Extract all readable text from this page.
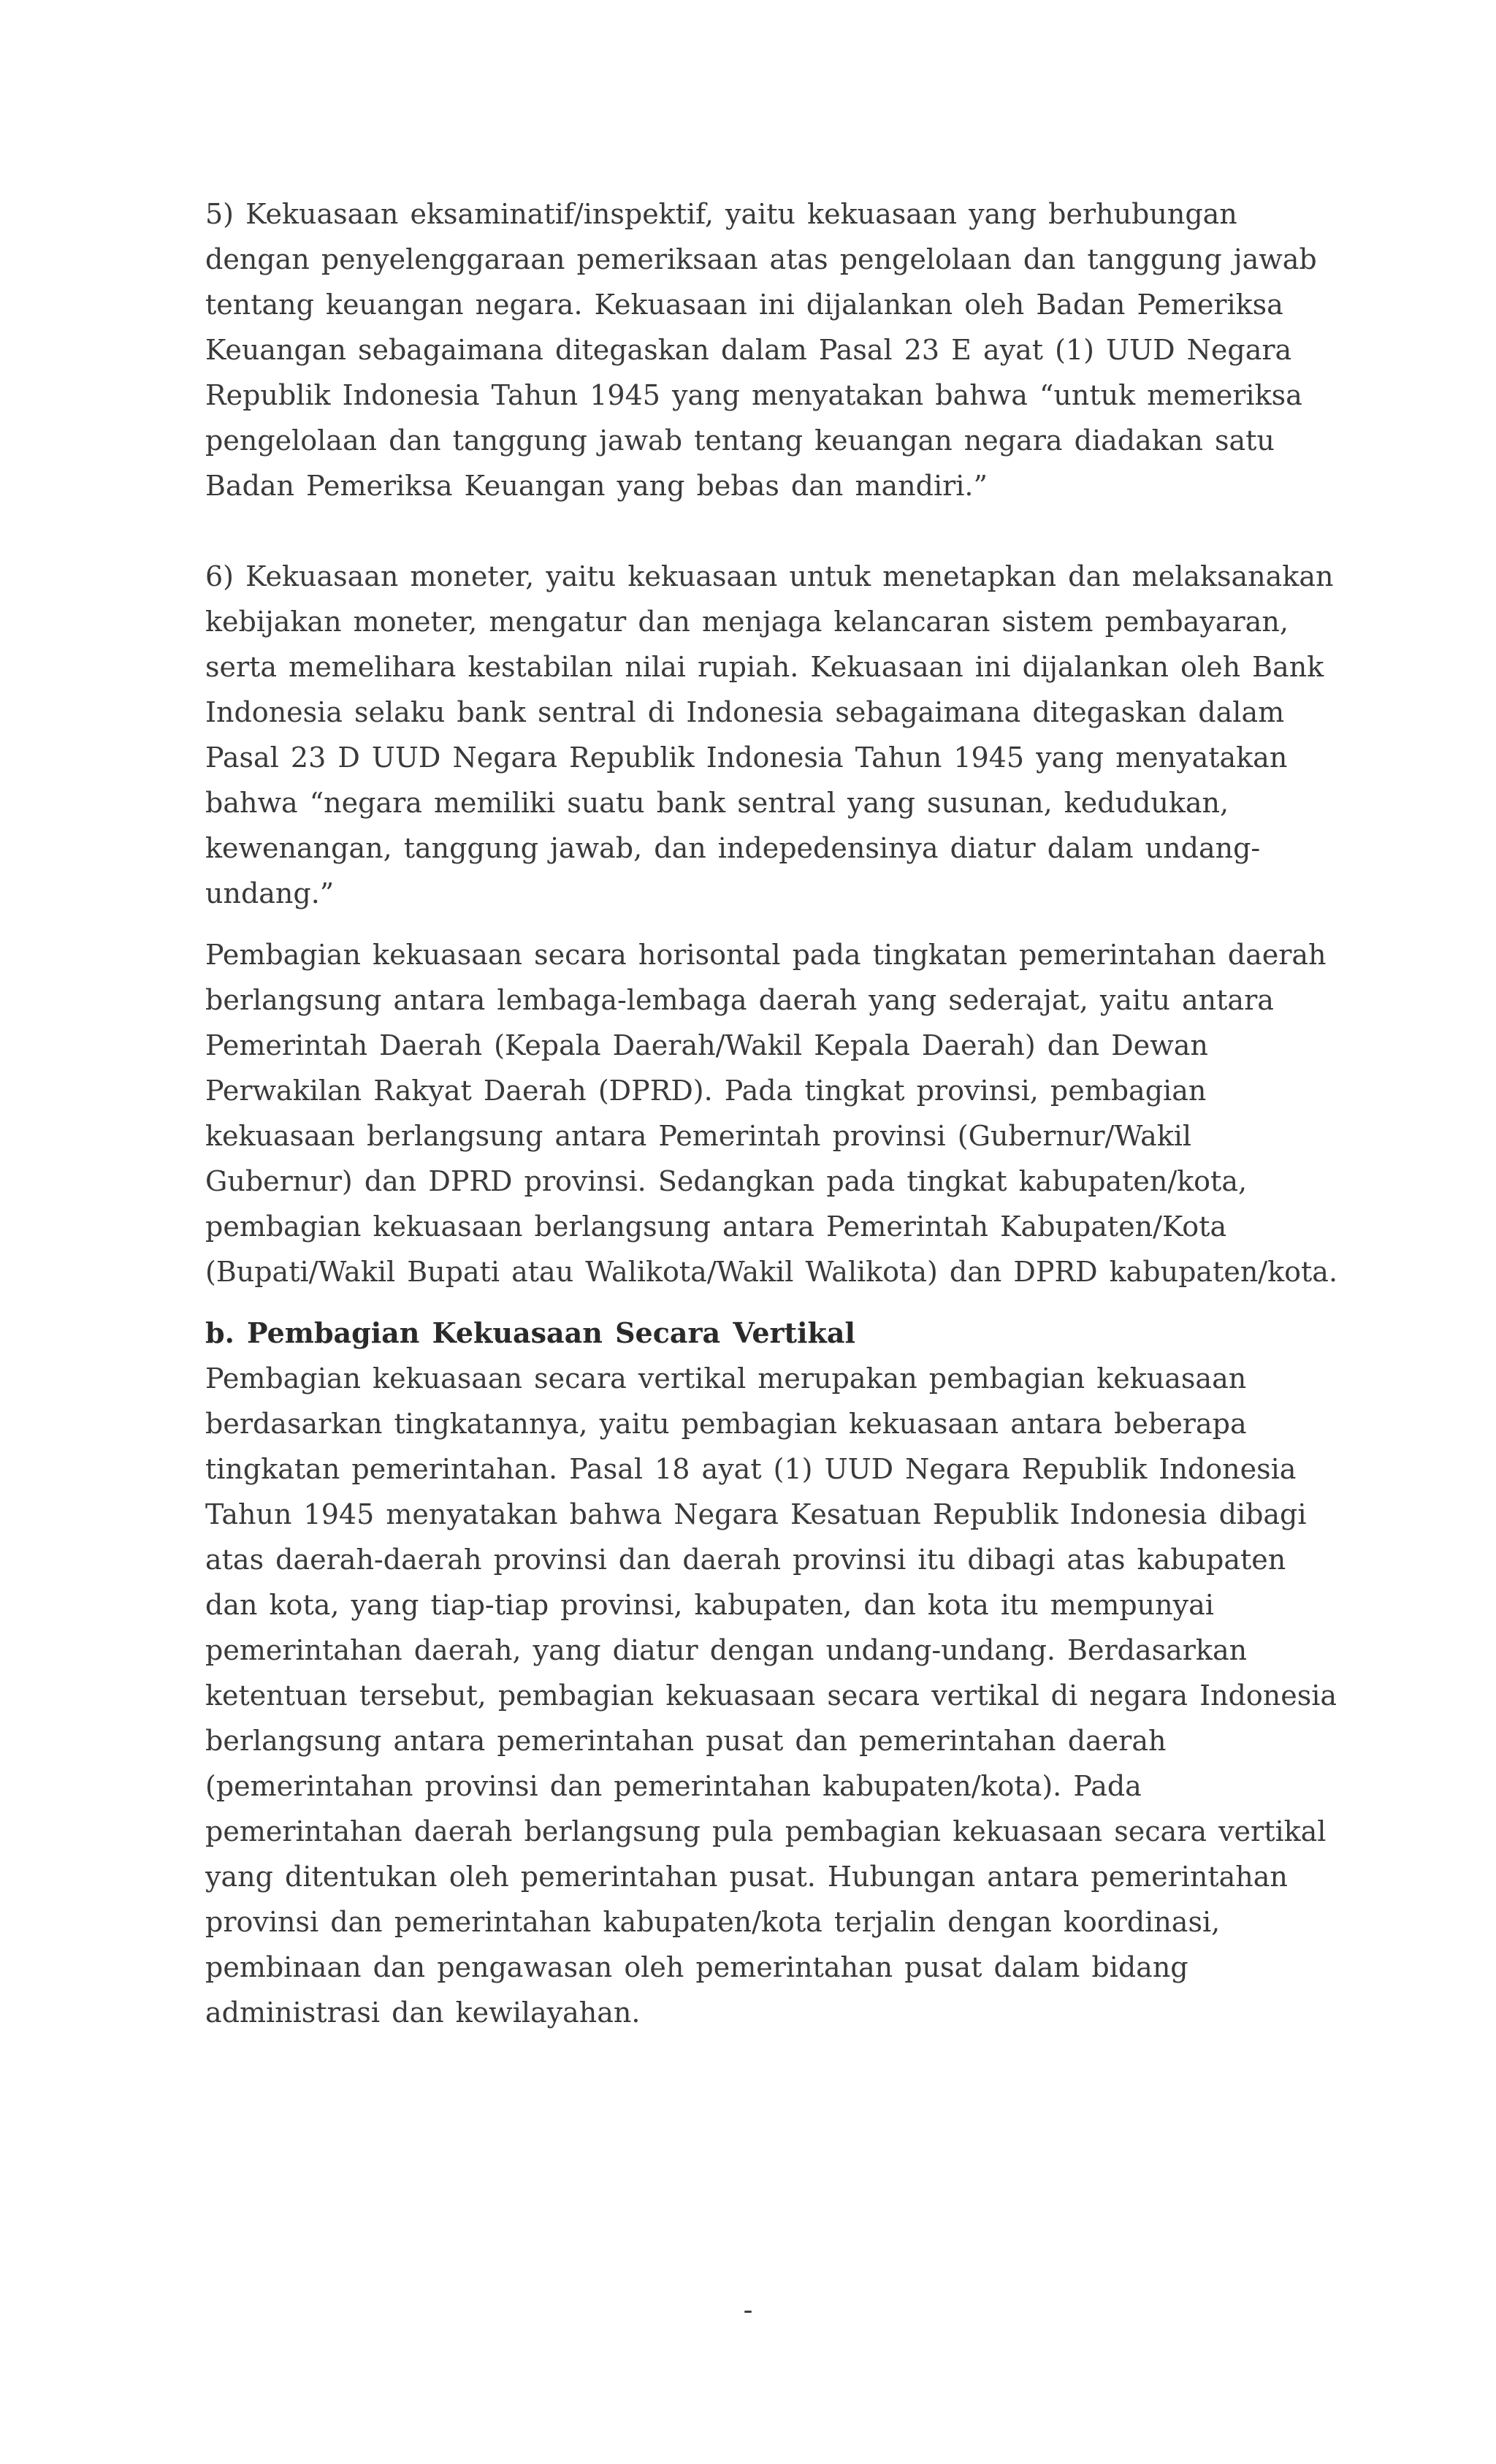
5) Kekuasaan eksaminatif/inspektif, yaitu kekuasaan yang berhubungan dengan penyelenggaraan pemeriksaan atas pengelolaan dan tanggung jawab tentang keuangan negara. Kekuasaan ini dijalankan oleh Badan Pemeriksa Keuangan sebagaimana ditegaskan dalam Pasal 23 E ayat (1) UUD Negara Republik Indonesia Tahun 1945 yang menyatakan bahwa “untuk memeriksa pengelolaan dan tanggung jawab tentang keuangan negara diadakan satu Badan Pemeriksa Keuangan yang bebas dan mandiri.”

6) Kekuasaan moneter, yaitu kekuasaan untuk menetapkan dan melaksanakan kebijakan moneter, mengatur dan menjaga kelancaran sistem pembayaran, serta memelihara kestabilan nilai rupiah. Kekuasaan ini dijalankan oleh Bank Indonesia selaku bank sentral di Indonesia sebagaimana ditegaskan dalam Pasal 23 D UUD Negara Republik Indonesia Tahun 1945 yang menyatakan bahwa “negara memiliki suatu bank sentral yang susunan, kedudukan, kewenangan, tanggung jawab, dan indepedensinya diatur dalam undang- undang.”

Pembagian kekuasaan secara horisontal pada tingkatan pemerintahan daerah berlangsung antara lembaga-lembaga daerah yang sederajat, yaitu antara Pemerintah Daerah (Kepala Daerah/Wakil Kepala Daerah) dan Dewan Perwakilan Rakyat Daerah (DPRD). Pada tingkat provinsi, pembagian kekuasaan berlangsung antara Pemerintah provinsi (Gubernur/Wakil Gubernur) dan DPRD provinsi. Sedangkan pada tingkat kabupaten/kota, pembagian kekuasaan berlangsung antara Pemerintah Kabupaten/Kota (Bupati/Wakil Bupati atau Walikota/Wakil Walikota) dan DPRD kabupaten/kota.

b. Pembagian Kekuasaan Secara Vertikal

Pembagian kekuasaan secara vertikal merupakan pembagian kekuasaan berdasarkan tingkatannya, yaitu pembagian kekuasaan antara beberapa tingkatan pemerintahan. Pasal 18 ayat (1) UUD Negara Republik Indonesia Tahun 1945 menyatakan bahwa Negara Kesatuan Republik Indonesia dibagi atas daerah-daerah provinsi dan daerah provinsi itu dibagi atas kabupaten dan kota, yang tiap-tiap provinsi, kabupaten, dan kota itu mempunyai pemerintahan daerah, yang diatur dengan undang-undang. Berdasarkan ketentuan tersebut, pembagian kekuasaan secara vertikal di negara Indonesia berlangsung antara pemerintahan pusat dan pemerintahan daerah (pemerintahan provinsi dan pemerintahan kabupaten/kota). Pada pemerintahan daerah berlangsung pula pembagian kekuasaan secara vertikal yang ditentukan oleh pemerintahan pusat. Hubungan antara pemerintahan provinsi dan pemerintahan kabupaten/kota terjalin dengan koordinasi, pembinaan dan pengawasan oleh pemerintahan pusat dalam bidang administrasi dan kewilayahan.

-
